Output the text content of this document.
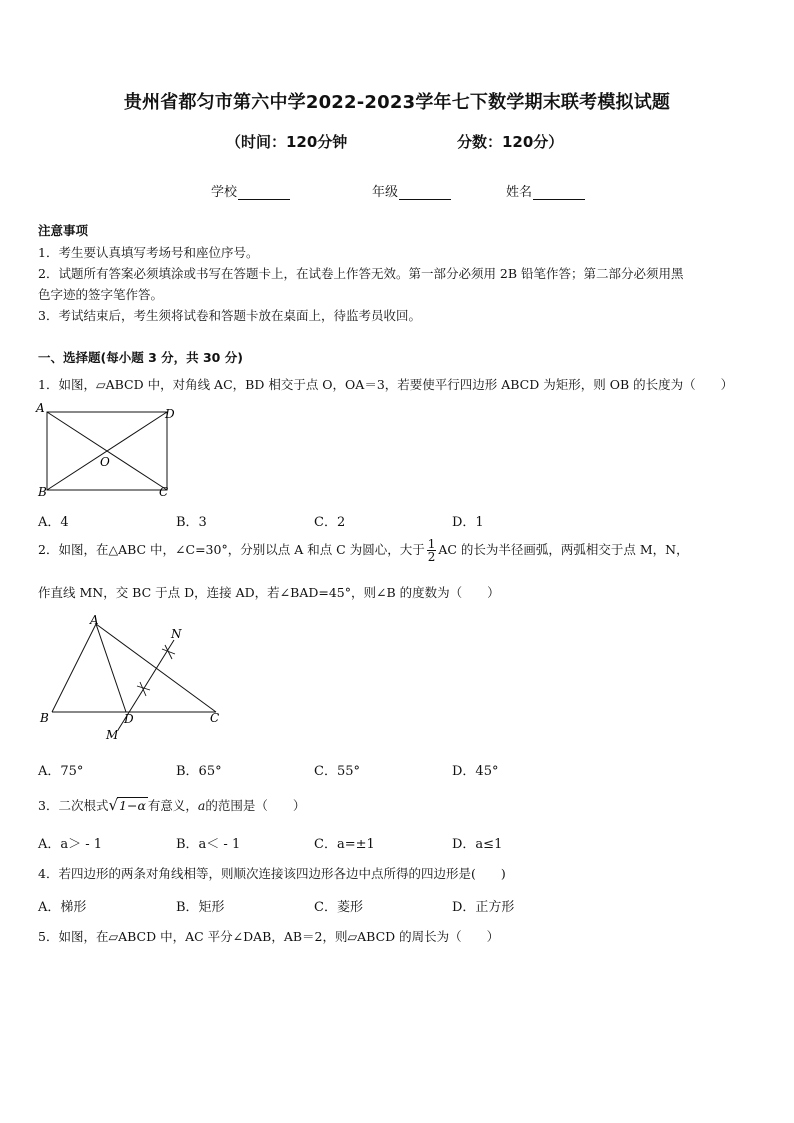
贵州省都匀市第六中学2022-2023学年七下数学期末联考模拟试题
（时间：120分钟	分数：120分）
学校	年级	姓名
注意事项
1．考生要认真填写考场号和座位序号。
2．试题所有答案必须填涂或书写在答题卡上，在试卷上作答无效。第一部分必须用 2B 铅笔作答；第二部分必须用黑
色字迹的签字笔作答。
3．考试结束后，考生须将试卷和答题卡放在桌面上，待监考员收回。
一、选择题(每小题 3 分，共 30 分)
1．如图，▱ABCD 中，对角线 AC，BD 相交于点 O，OA＝3，若要使平行四边形 ABCD 为矩形，则 OB 的长度为（　　）
A	D
O
B	C
A．4	B．3	C．2	D．1
2．如图，在△ABC 中，∠C=30°，分别以点 A 和点 C 为圆心，大于 $\frac{1}{2}$ AC 的长为半径画弧，两弧相交于点 M，N，
作直线 MN，交 BC 于点 D，连接 AD，若∠BAD=45°，则∠B 的度数为（　　）
A
N
B	D	C
M
A．75°	B．65°	C．55°	D．45°
3．二次根式√1−α 有意义，a的范围是（　　）
A．a＞ - 1	B．a＜ - 1	C．a=±1	D．a≤1
4．若四边形的两条对角线相等，则顺次连接该四边形各边中点所得的四边形是(　　)
A．梯形	B．矩形	C．菱形	D．正方形
5．如图，在▱ABCD 中，AC 平分∠DAB，AB＝2，则▱ABCD 的周长为（　　）
